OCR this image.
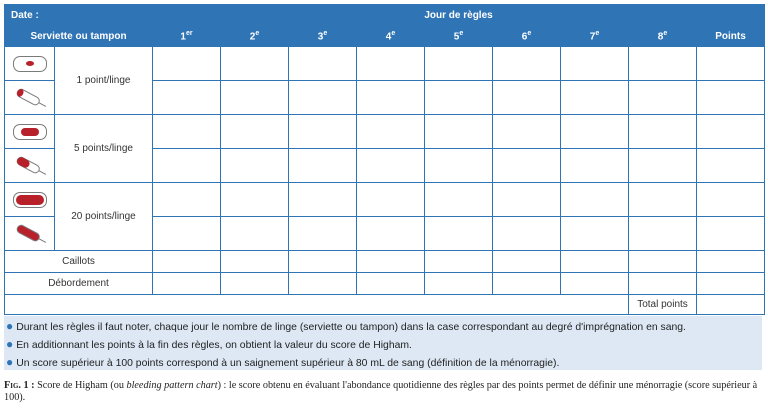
Date :		Jour de règles								
Serviette ou tampon		1er	2e	3e	4e	5e	6e	7e	8e	Points

	1 point/linge									

	5 points/linge									

	20 points/linge									

Caillots										
Débordement										
									Total points	
● Durant les règles il faut noter, chaque jour le nombre de linge (serviette ou tampon) dans la case correspondant au degré d'imprégnation en sang.
● En additionnant les points à la fin des règles, on obtient la valeur du score de Higham.
● Un score supérieur à 100 points correspond à un saignement supérieur à 80 mL de sang (définition de la ménorragie).
Fig. 1 : Score de Higham (ou bleeding pattern chart) : le score obtenu en évaluant l'abondance quotidienne des règles par des points permet de définir une ménorragie (score supérieur à 100).
